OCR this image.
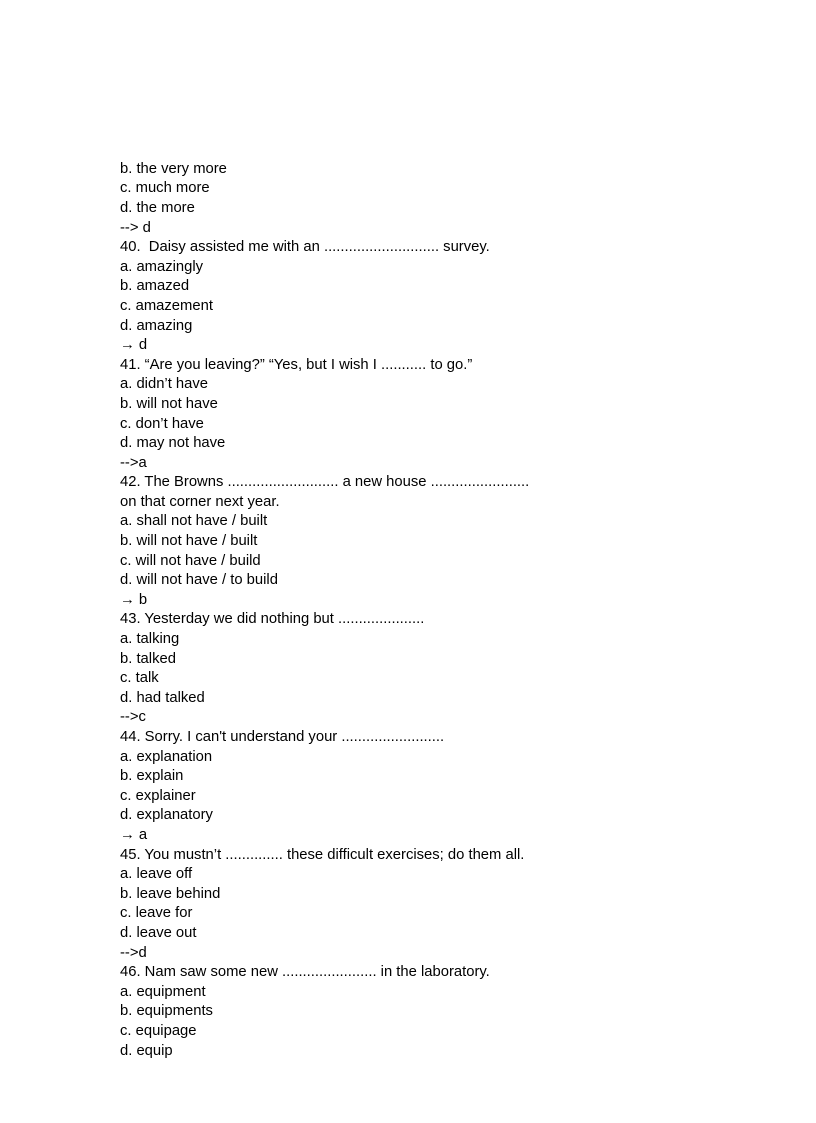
b. the very more
c. much more
d. the more
--> d
40.  Daisy assisted me with an ............................ survey.
a. amazingly
b. amazed
c. amazement
d. amazing
→ d
41. “Are you leaving?” “Yes, but I wish I ........... to go.”
a. didn’t have
b. will not have
c. don’t have
d. may not have
-->a
42. The Browns ........................... a new house ........................
on that corner next year.
a. shall not have / built
b. will not have / built
c. will not have / build
d. will not have / to build
→ b
43. Yesterday we did nothing but .....................
a. talking
b. talked
c. talk
d. had talked
-->c
44. Sorry. I can't understand your .........................
a. explanation
b. explain
c. explainer
d. explanatory
→ a
45. You mustn’t .............. these difficult exercises; do them all.
a. leave off
b. leave behind
c. leave for
d. leave out
-->d
46. Nam saw some new ....................... in the laboratory.
a. equipment
b. equipments
c. equipage
d. equip
